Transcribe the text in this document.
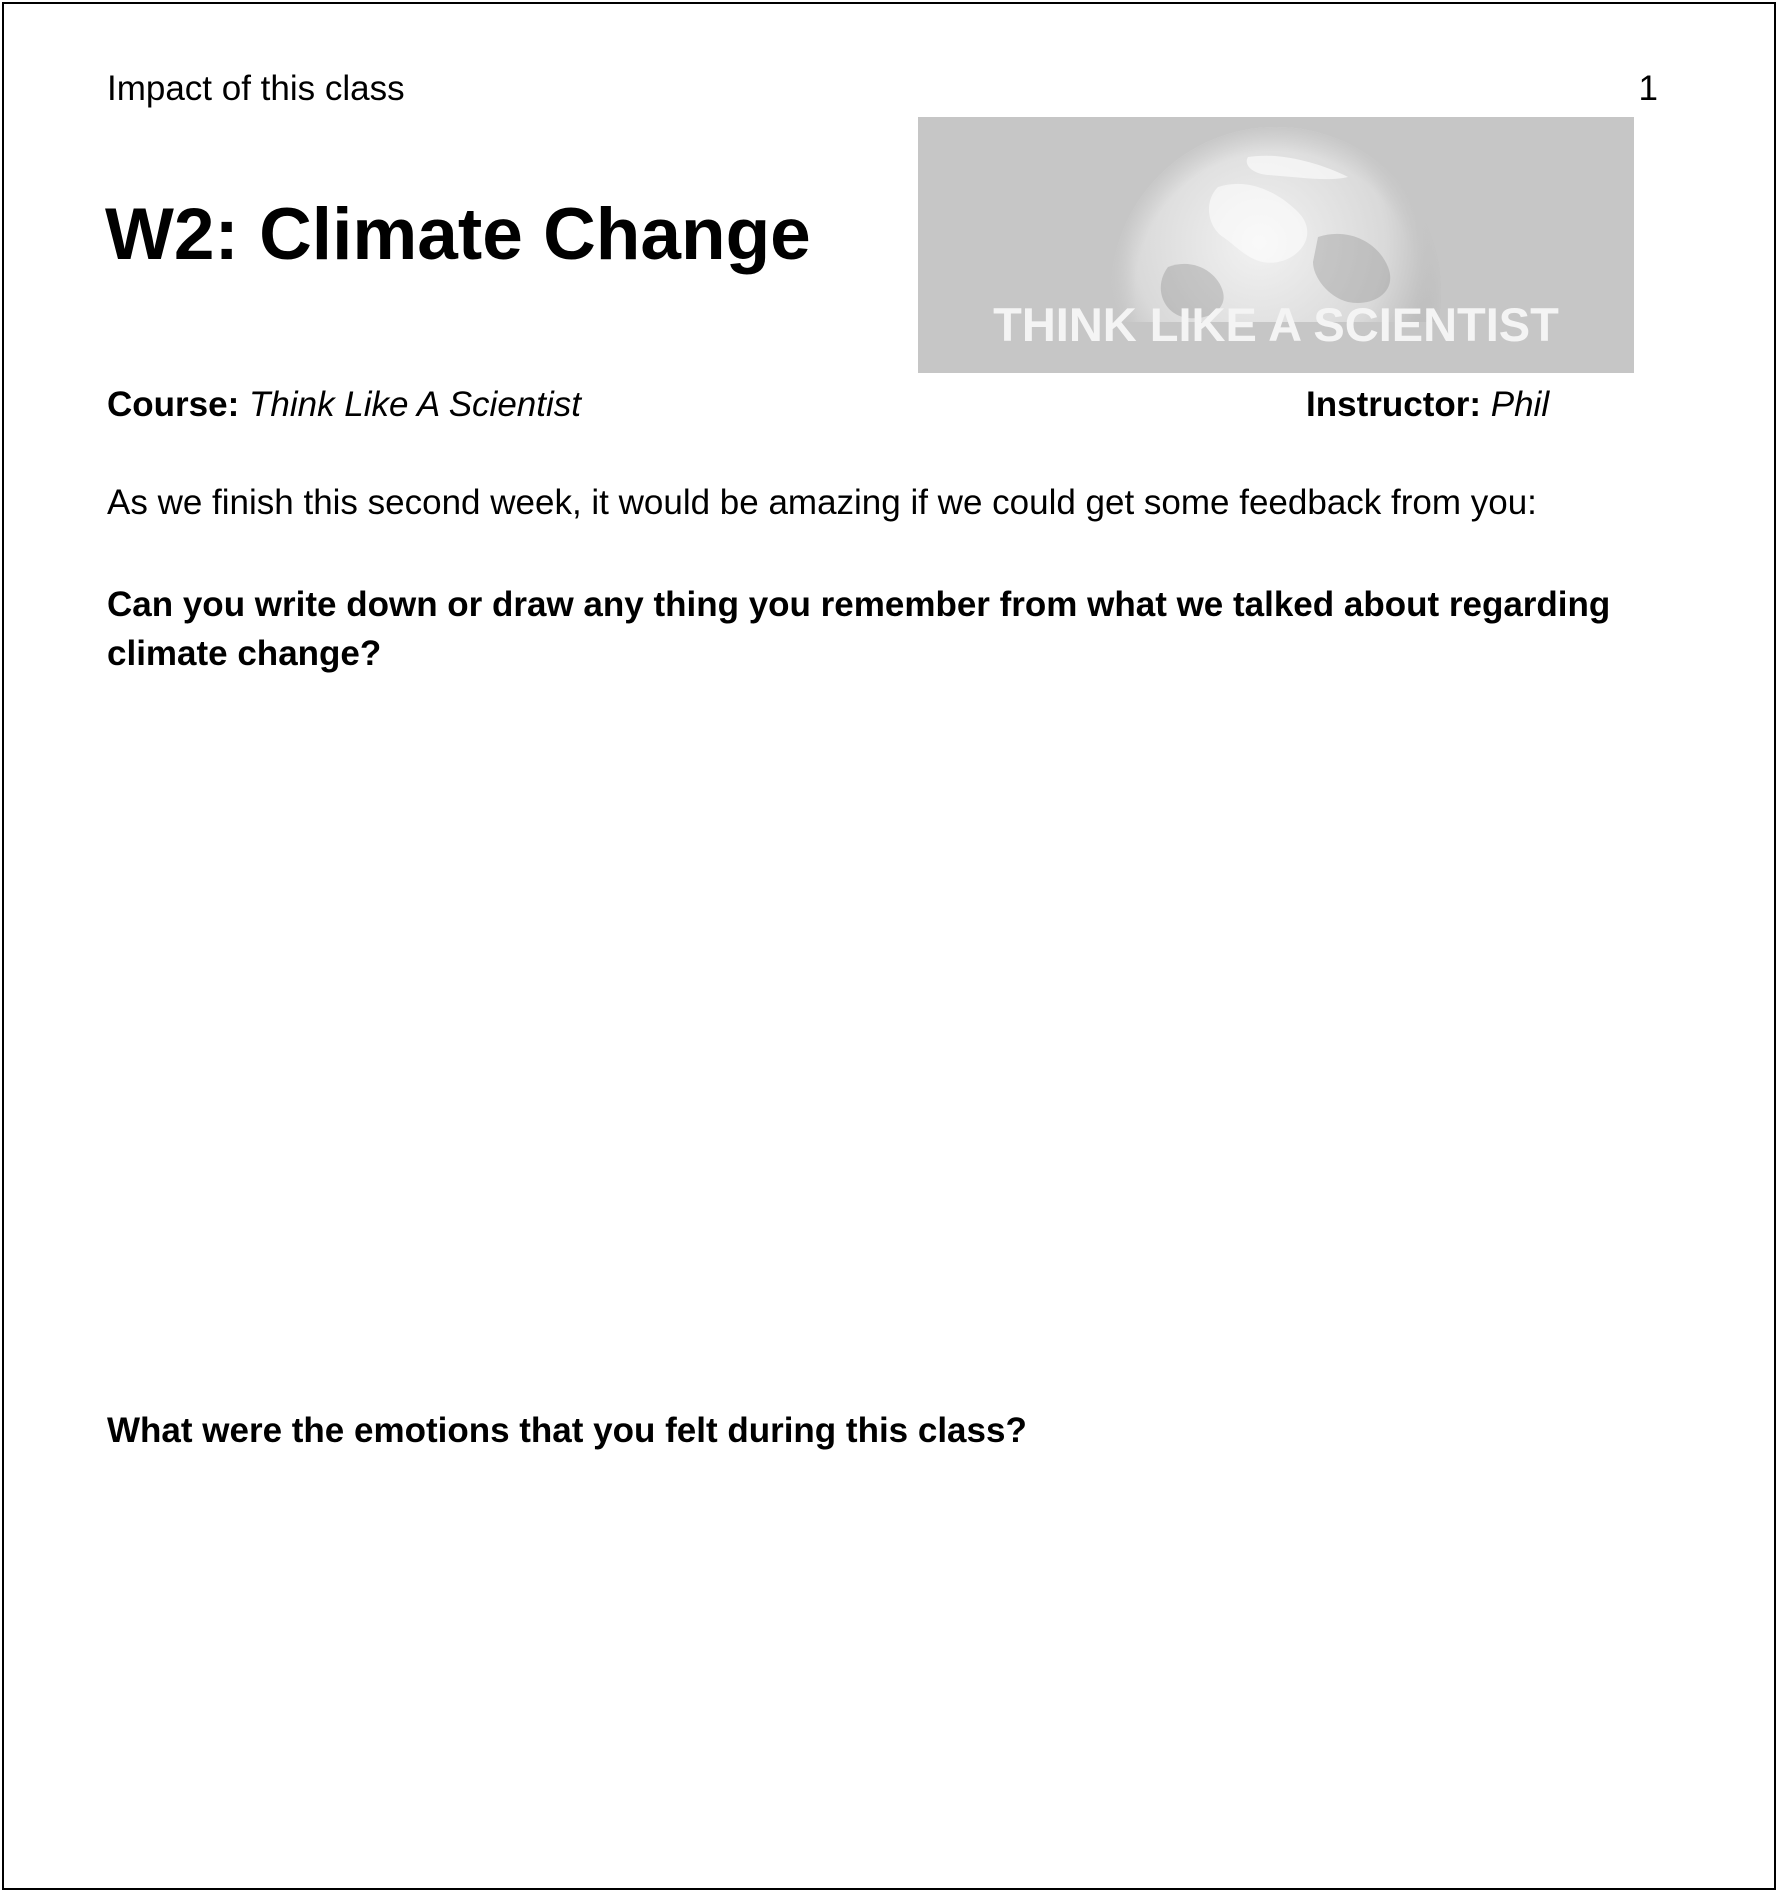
Impact of this class	1
W2: Climate Change
THINK LIKE A SCIENTIST
Course: Think Like A Scientist	Instructor: Phil
As we finish this second week, it would be amazing if we could get some feedback from you:
Can you write down or draw any thing you remember from what we talked about regarding climate change?
What were the emotions that you felt during this class?
